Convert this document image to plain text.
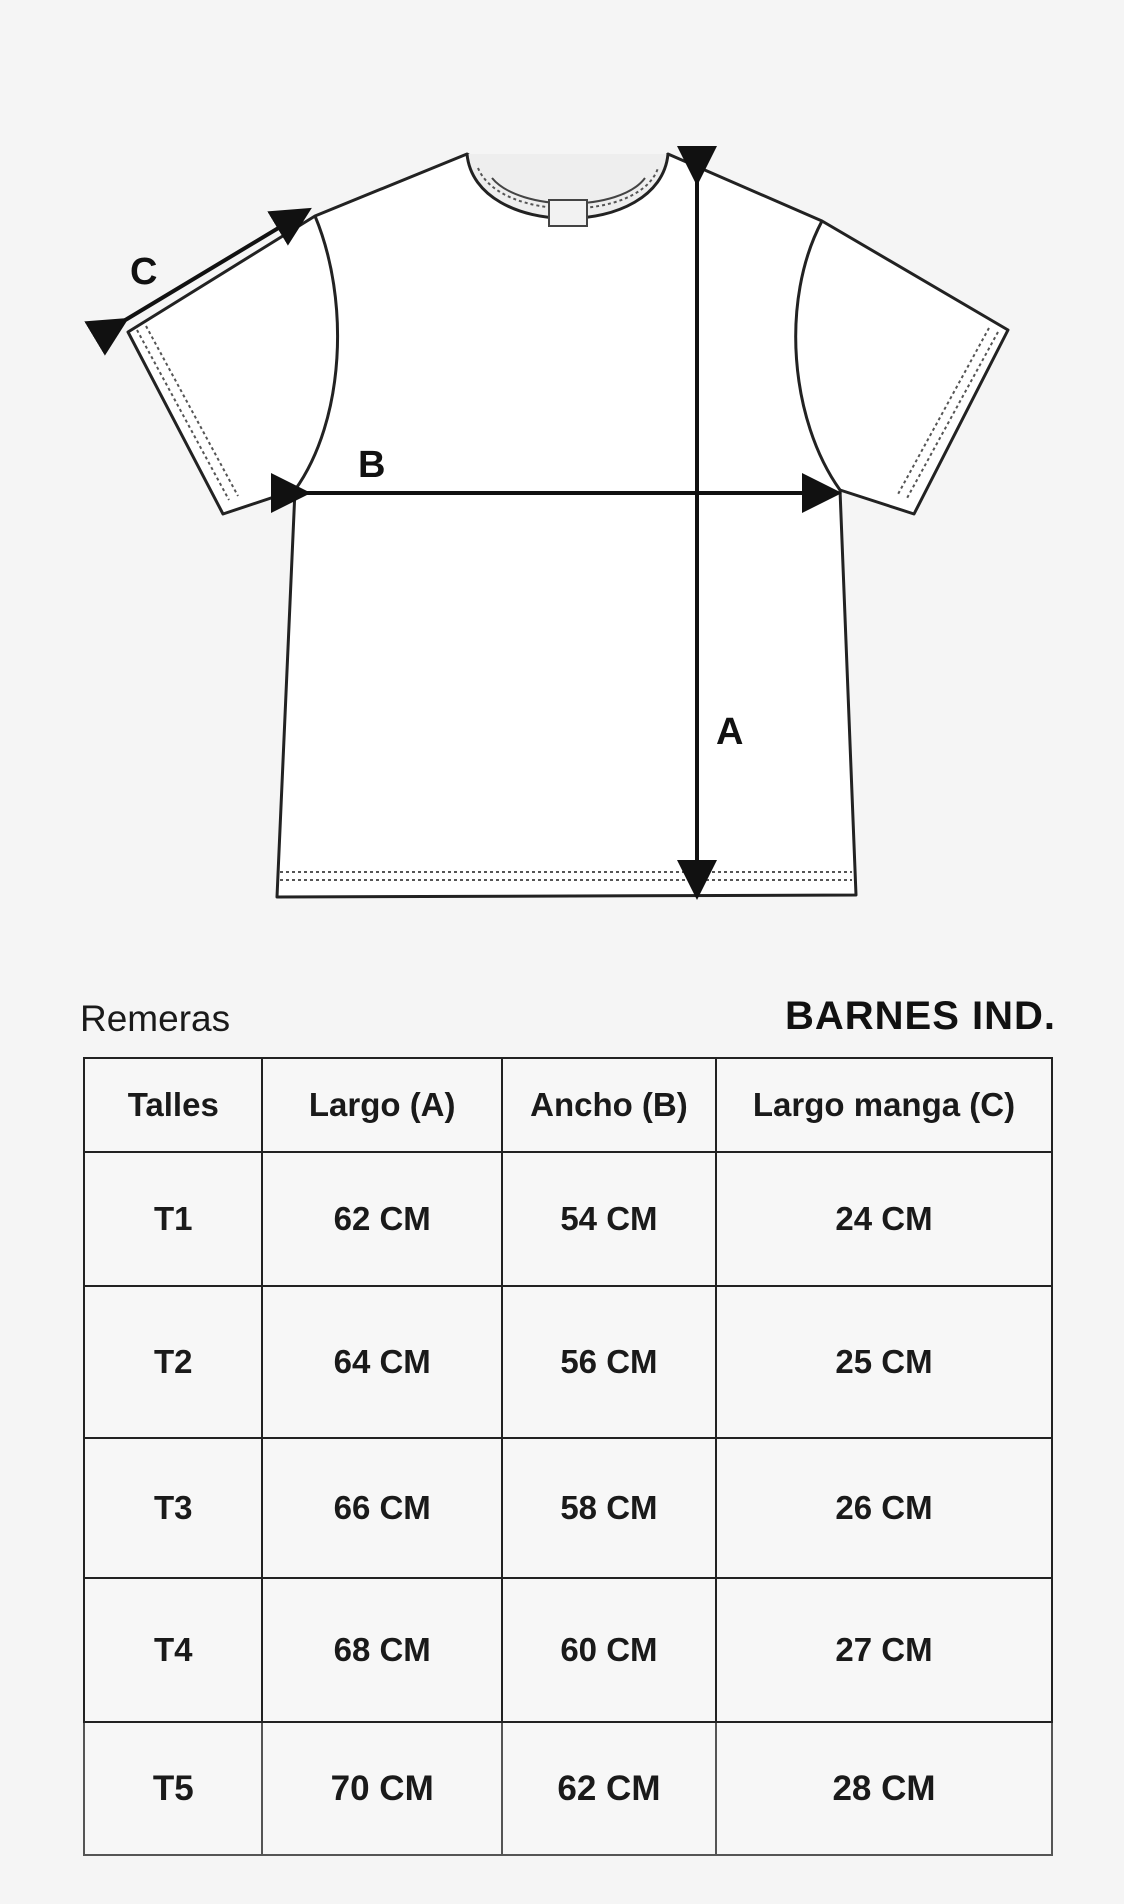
A
B
C
Remeras	BARNES IND.
Talles	Largo (A)	Ancho (B)	Largo manga (C)
T1	62 CM	54 CM	24 CM
T2	64 CM	56 CM	25 CM
T3	66 CM	58 CM	26 CM
T4	68 CM	60 CM	27 CM
T5	70 CM	62 CM	28 CM
